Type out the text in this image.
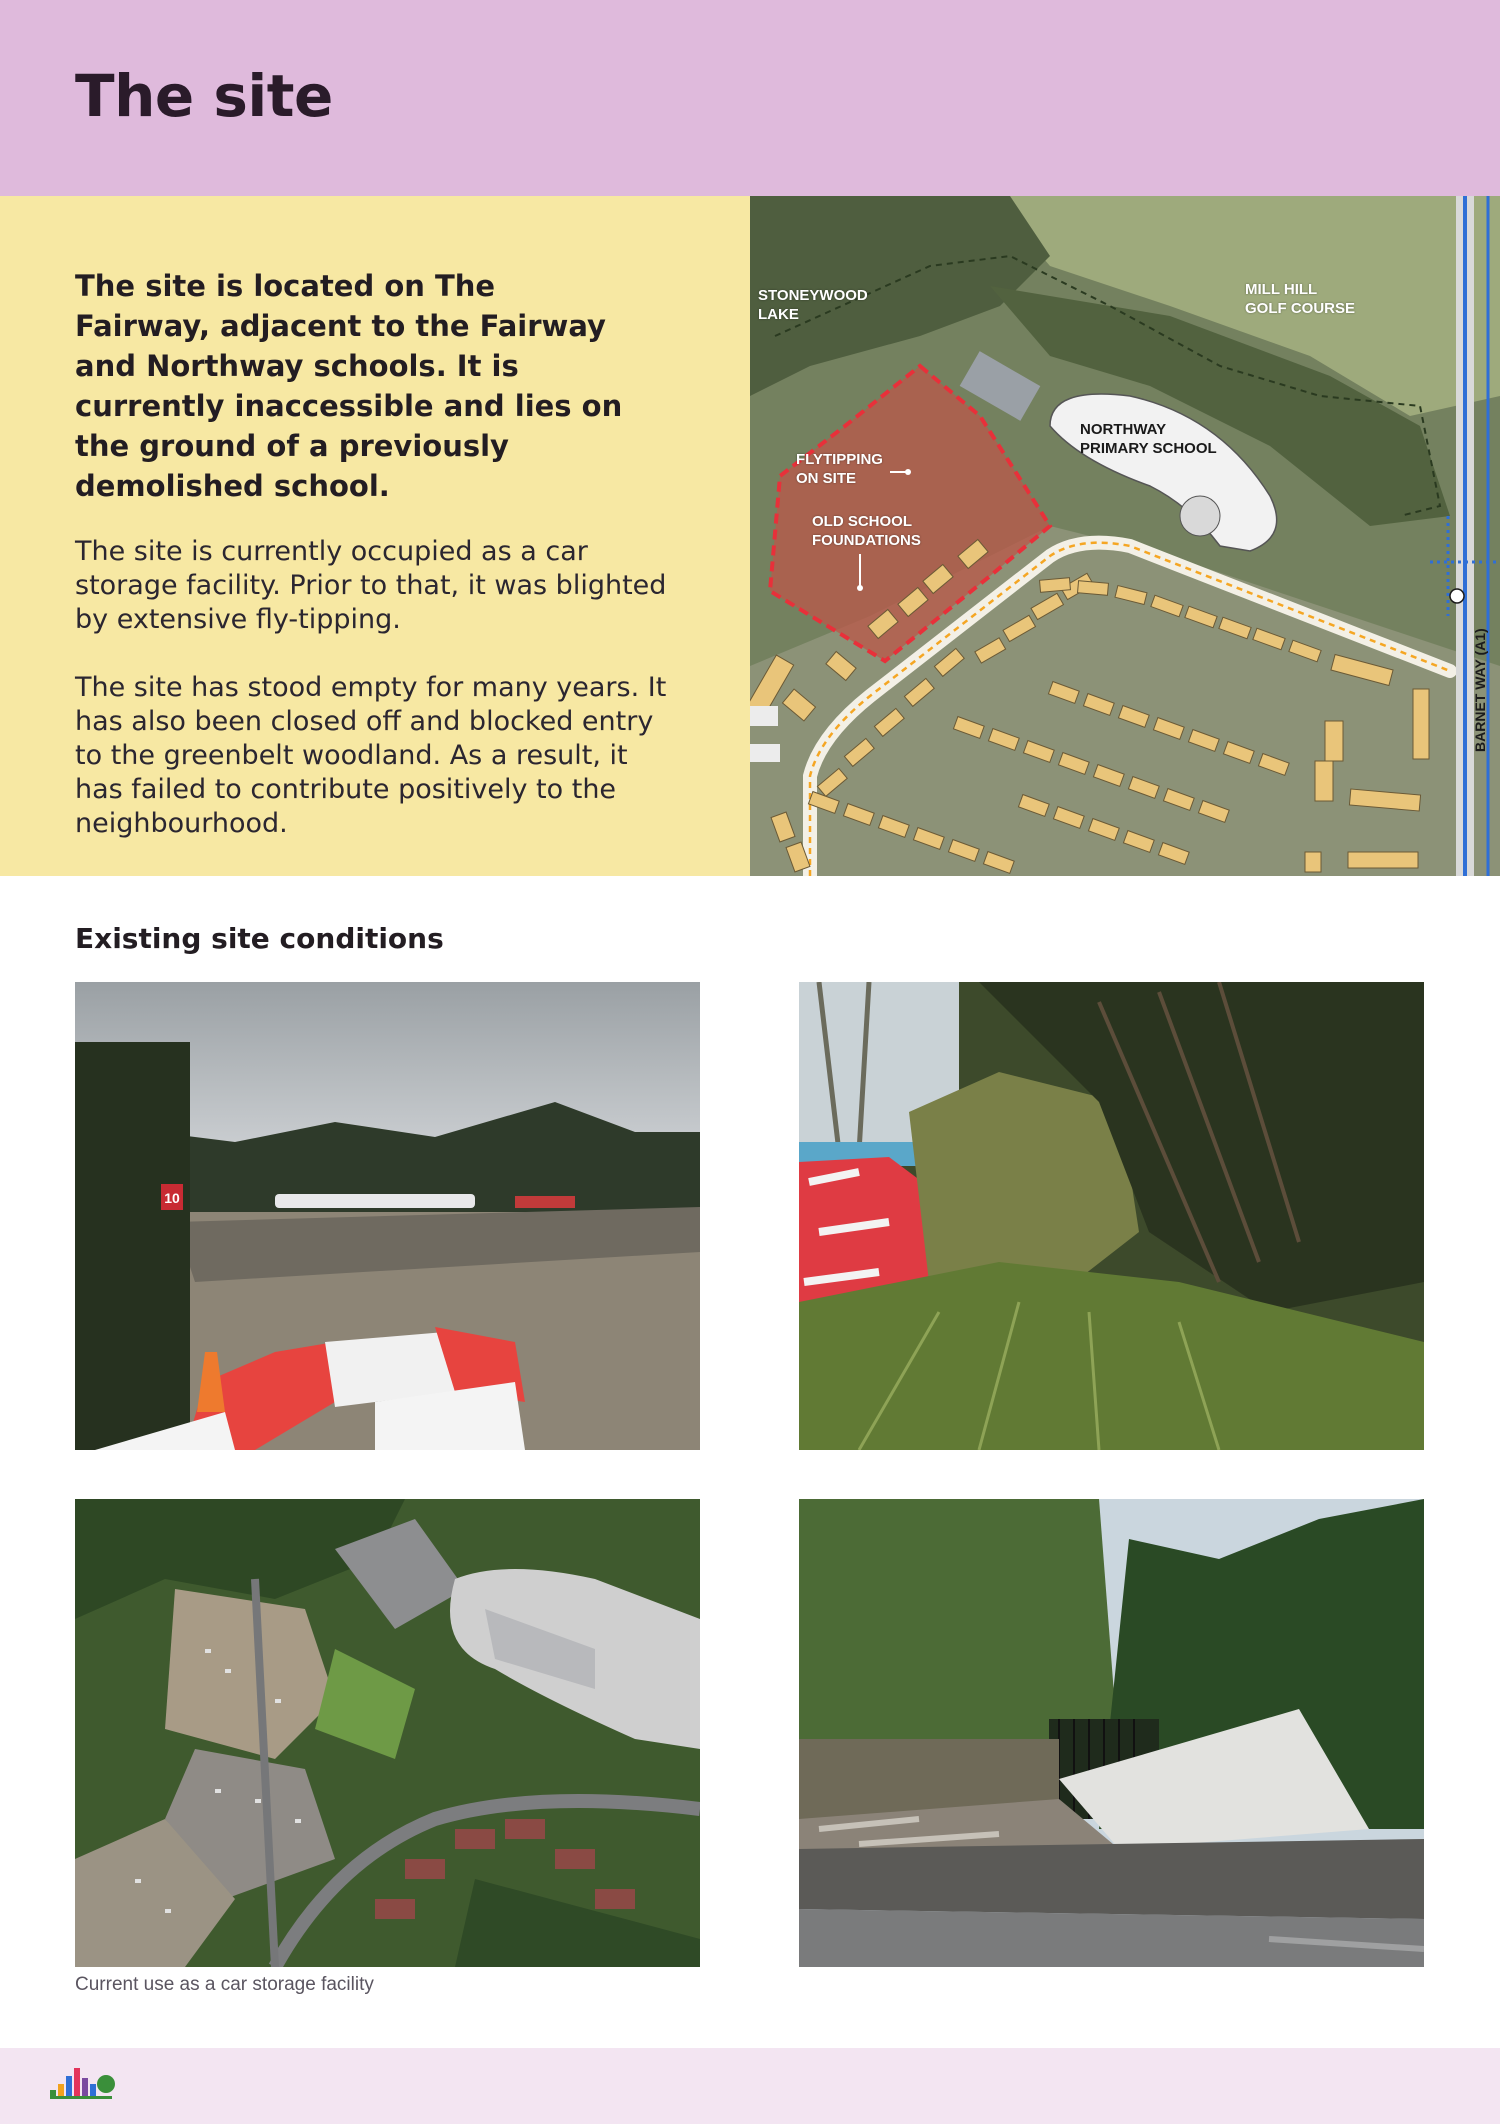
The site

The site is located on The Fairway, adjacent to the Fairway and Northway schools. It is currently inaccessible and lies on the ground of a previously demolished school.

The site is currently occupied as a car storage facility. Prior to that, it was blighted by extensive fly-tipping.

The site has stood empty for many years. It has also been closed off and blocked entry to the greenbelt woodland. As a result, it has failed to contribute positively to the neighbourhood.

STONEYWOOD
LAKE
MILL HILL
GOLF COURSE
NORTHWAY
PRIMARY SCHOOL
FLYTIPPING
ON SITE
OLD SCHOOL
FOUNDATIONS
BARNET WAY (A1)
Existing site conditions
10

Current use as a car storage facility
